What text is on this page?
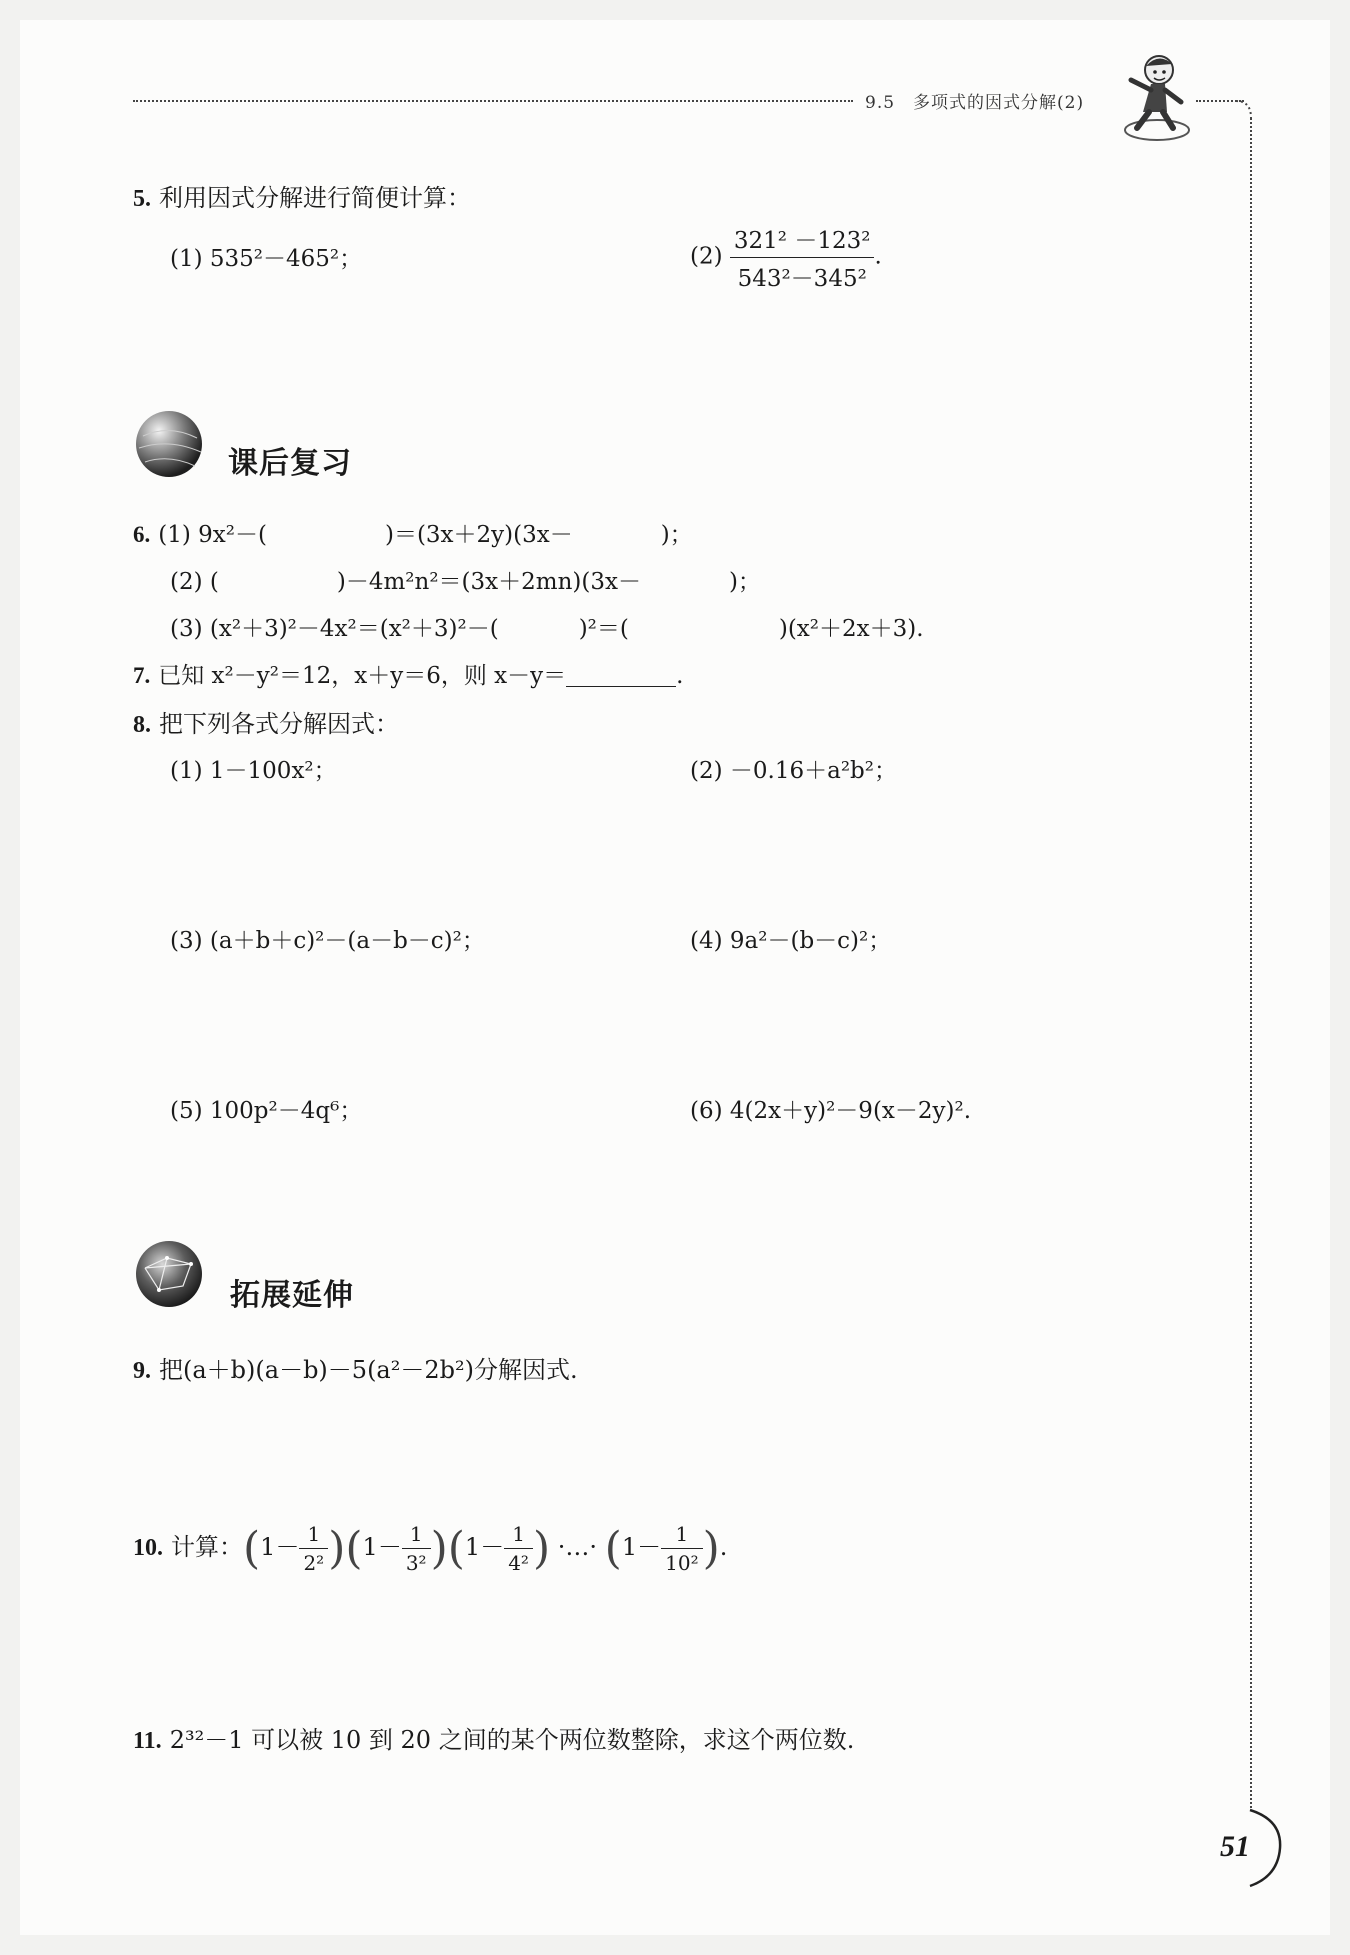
9.5　多项式的因式分解(2)
5. 利用因式分解进行简便计算：
(1) 535²－465²；	$(2) \frac{\text{321² －123²}}{\text{543²－345²}}$ .
课后复习
6. (1) 9x²－(	)＝(3x＋2y)(3x－	)；
(2) (	)－4m²n²＝(3x＋2mn)(3x－	)；
(3) (x²＋3)²－4x²＝(x²＋3)²－(	)²＝(	)(x²＋2x＋3).
7. 已知 x²－y²＝12，x＋y＝6，则 x－y＝	.
8. 把下列各式分解因式：
(1) 1－100x²；	(2) －0.16＋a²b²；
(3) (a＋b＋c)²－(a－b－c)²；	(4) 9a²－(b－c)²；
(5) 100p²－4q⁶；	(6) 4(2x＋y)²－9(x－2y)².
拓展延伸
9. 把(a＋b)(a－b)－5(a²－2b²)分解因式.
10. 计算：$(1- \frac{1}{\text{2²}} )(1- \frac{1}{\text{3²}} )(1- \frac{1}{\text{4²}}$ ) ·…· ($1- \frac{1}{\text{10²}}$ ).
11. 2³²－1 可以被 10 到 20 之间的某个两位数整除，求这个两位数.
51
